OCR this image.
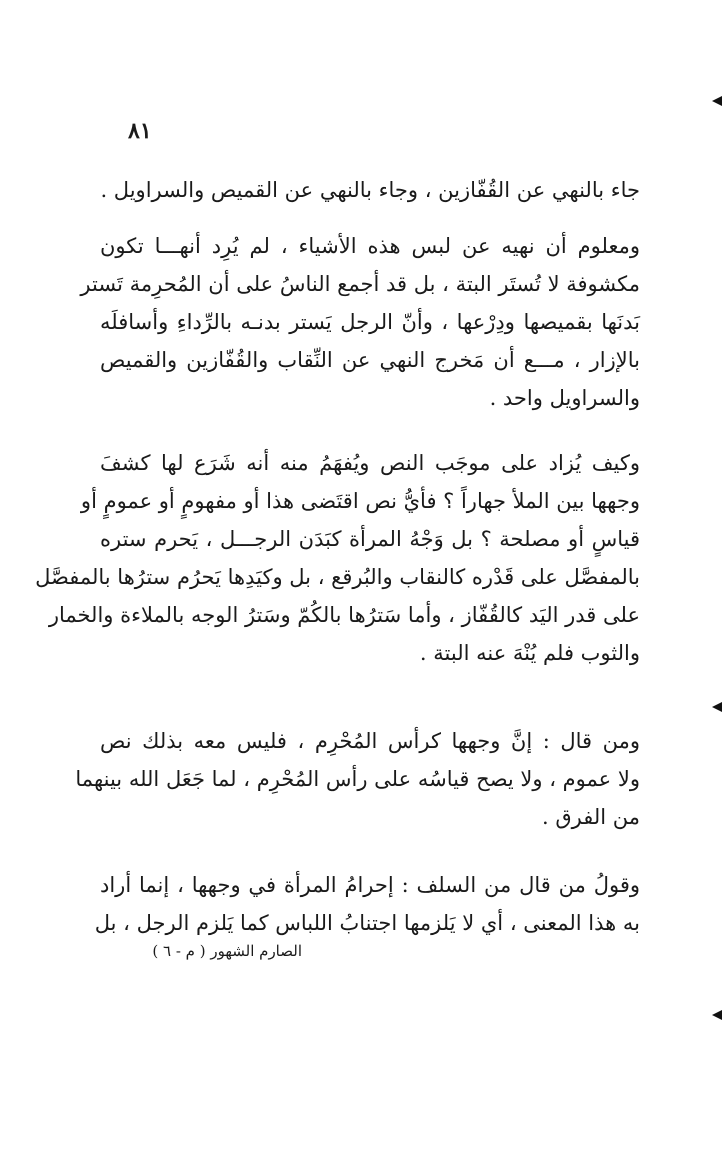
٨١
جاء بالنهي عن القُفّازين ، وجاء بالنهي عن القميص والسراويل .
ومعلوم أن نهيه عن لبس هذه الأشياء ، لم يُرِد أنهـــا تكون
مكشوفة لا تُستَر البتة ، بل قد أجمع الناسُ على أن المُحرِمة تَستر
بَدنَها بقميصها ودِرْعها ، وأنّ الرجل يَستر بدنـه بالرِّداءِ وأسافلَه
بالإزار ، مـــع أن مَخرج النهي عن النِّقاب والقُفّازين والقميص
والسراويل واحد .
وكيف يُزاد على موجَب النص ويُفهَمُ منه أنه شَرَع لها كشفَ
وجهها بين الملأ جهاراً ؟ فأيُّ نص اقتَضى هذا أو مفهومٍ أو عمومٍ أو
قياسٍ أو مصلحة ؟ بل وَجْهُ المرأة كبَدَن الرجـــل ، يَحرم ستره
بالمفصَّل على قَدْره كالنقاب والبُرقع ، بل وكيَدِها يَحرُم سترُها بالمفصَّل
على قدر اليَد كالقُفّاز ، وأما سَترُها بالكُمّ وسَترُ الوجه بالملاءة والخمار
والثوب فلم يُنْهَ عنه البتة .
ومن قال : إنَّ وجهها كرأس المُحْرِم ، فليس معه بذلك نص
ولا عموم ، ولا يصح قياسُه على رأس المُحْرِم ، لما جَعَل الله بينهما
من الفرق .
وقولُ من قال من السلف : إحرامُ المرأة في وجهها ، إنما أراد
به هذا المعنى ، أي لا يَلزمها اجتنابُ اللباس كما يَلزم الرجل ، بل
الصارم الشهور ( م - ٦ )
